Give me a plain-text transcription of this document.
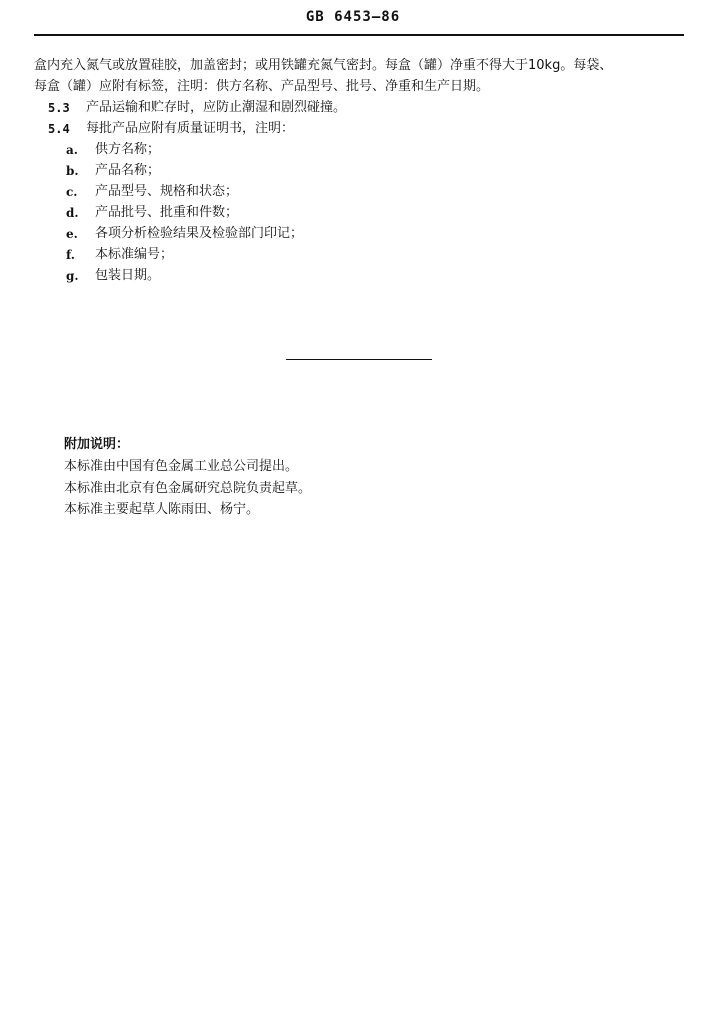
GB 6453—86
盒内充入氮气或放置硅胶，加盖密封；或用铁罐充氮气密封。每盒（罐）净重不得大于10kg。每袋、
每盒（罐）应附有标签，注明：供方名称、产品型号、批号、净重和生产日期。
5.3 产品运输和贮存时，应防止潮湿和剧烈碰撞。
5.4 每批产品应附有质量证明书，注明：
a. 供方名称；
b. 产品名称；
c. 产品型号、规格和状态；
d. 产品批号、批重和件数；
e. 各项分析检验结果及检验部门印记；
f. 本标准编号；
g. 包装日期。
附加说明：
本标准由中国有色金属工业总公司提出。
本标准由北京有色金属研究总院负责起草。
本标准主要起草人陈雨田、杨宁。
